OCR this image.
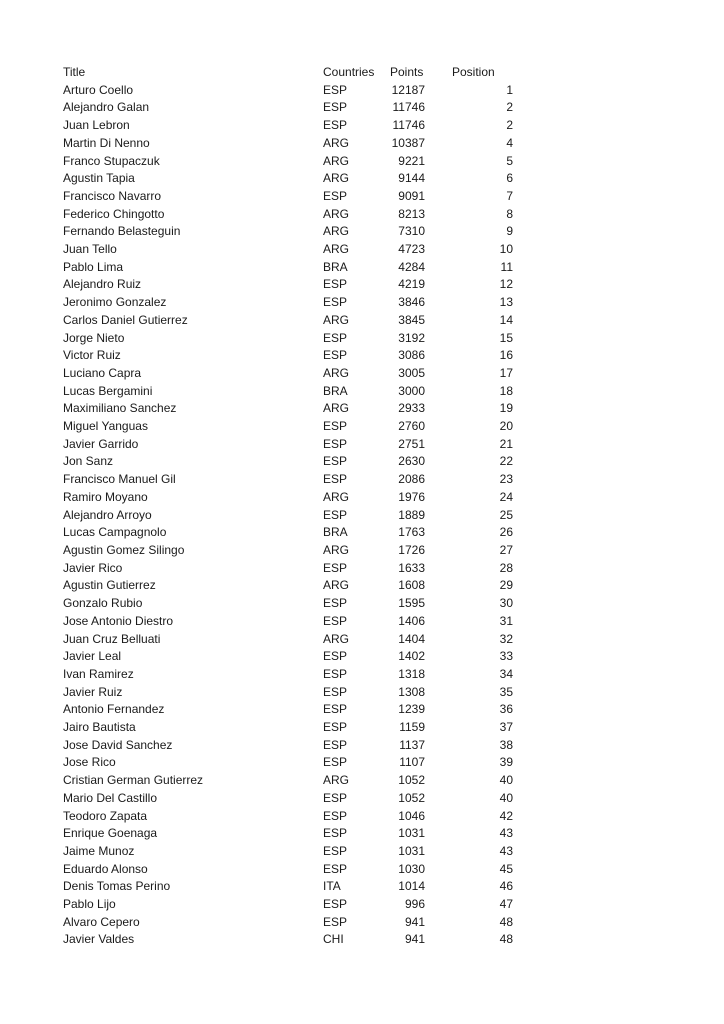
Title	Countries	Points	Position
Arturo Coello	ESP	12187	1
Alejandro Galan	ESP	11746	2
Juan Lebron	ESP	11746	2
Martin Di Nenno	ARG	10387	4
Franco Stupaczuk	ARG	9221	5
Agustin Tapia	ARG	9144	6
Francisco Navarro	ESP	9091	7
Federico Chingotto	ARG	8213	8
Fernando Belasteguin	ARG	7310	9
Juan Tello	ARG	4723	10
Pablo Lima	BRA	4284	11
Alejandro Ruiz	ESP	4219	12
Jeronimo Gonzalez	ESP	3846	13
Carlos Daniel Gutierrez	ARG	3845	14
Jorge Nieto	ESP	3192	15
Victor Ruiz	ESP	3086	16
Luciano Capra	ARG	3005	17
Lucas Bergamini	BRA	3000	18
Maximiliano Sanchez	ARG	2933	19
Miguel Yanguas	ESP	2760	20
Javier Garrido	ESP	2751	21
Jon Sanz	ESP	2630	22
Francisco Manuel Gil	ESP	2086	23
Ramiro Moyano	ARG	1976	24
Alejandro Arroyo	ESP	1889	25
Lucas Campagnolo	BRA	1763	26
Agustin Gomez Silingo	ARG	1726	27
Javier Rico	ESP	1633	28
Agustin Gutierrez	ARG	1608	29
Gonzalo Rubio	ESP	1595	30
Jose Antonio Diestro	ESP	1406	31
Juan Cruz Belluati	ARG	1404	32
Javier Leal	ESP	1402	33
Ivan Ramirez	ESP	1318	34
Javier Ruiz	ESP	1308	35
Antonio Fernandez	ESP	1239	36
Jairo Bautista	ESP	1159	37
Jose David Sanchez	ESP	1137	38
Jose Rico	ESP	1107	39
Cristian German Gutierrez	ARG	1052	40
Mario Del Castillo	ESP	1052	40
Teodoro Zapata	ESP	1046	42
Enrique Goenaga	ESP	1031	43
Jaime Munoz	ESP	1031	43
Eduardo Alonso	ESP	1030	45
Denis Tomas Perino	ITA	1014	46
Pablo Lijo	ESP	996	47
Alvaro Cepero	ESP	941	48
Javier Valdes	CHI	941	48
